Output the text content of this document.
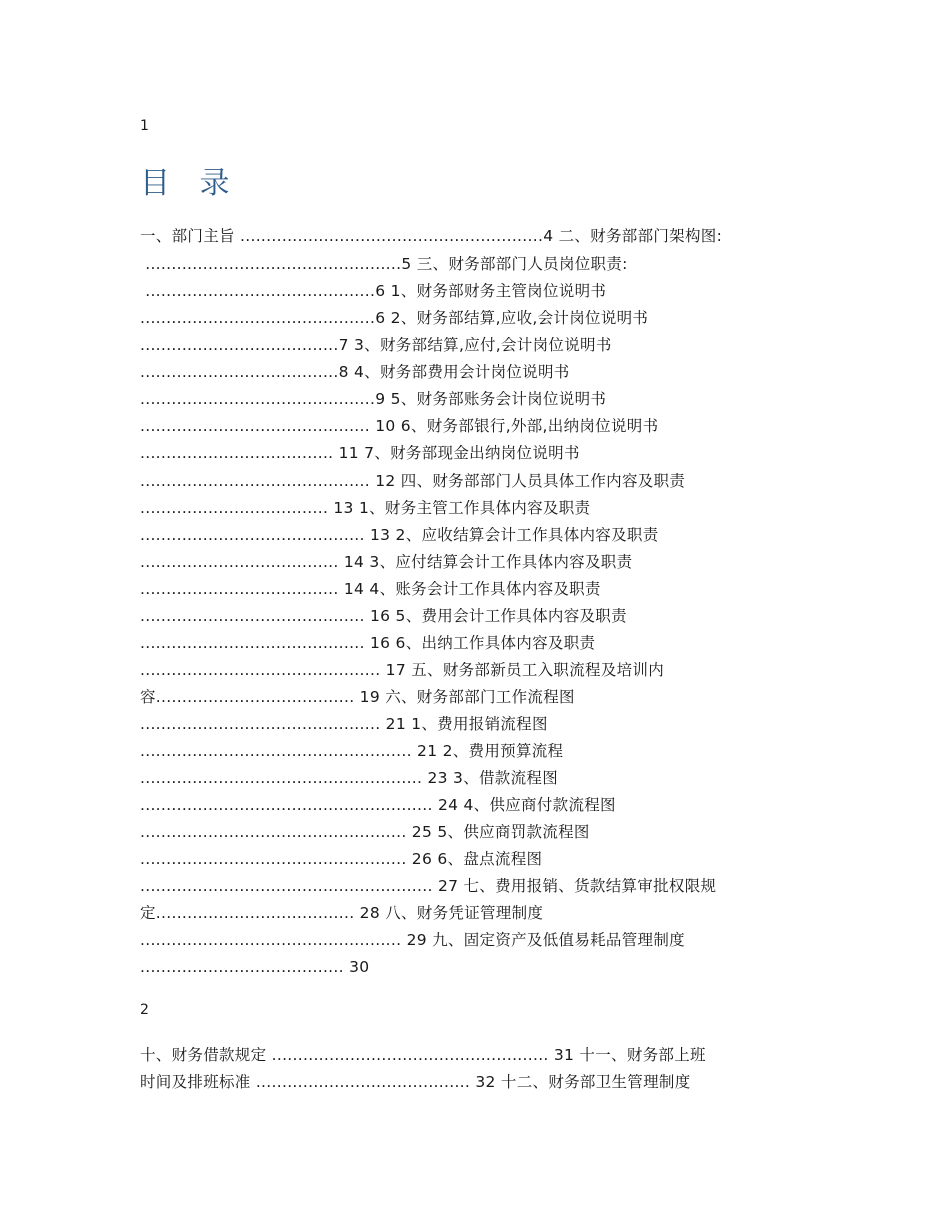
1
目 录
一、部门主旨 ..........................................................4 二、财务部部门架构图:
.................................................5 三、财务部部门人员岗位职责:
............................................6 1、财务部财务主管岗位说明书
.............................................6 2、财务部结算,应收,会计岗位说明书
......................................7 3、财务部结算,应付,会计岗位说明书
......................................8 4、财务部费用会计岗位说明书
.............................................9 5、财务部账务会计岗位说明书
............................................ 10 6、财务部银行,外部,出纳岗位说明书
..................................... 11 7、财务部现金出纳岗位说明书
............................................ 12 四、财务部部门人员具体工作内容及职责
.................................... 13 1、财务主管工作具体内容及职责
........................................... 13 2、应收结算会计工作具体内容及职责
...................................... 14 3、应付结算会计工作具体内容及职责
...................................... 14 4、账务会计工作具体内容及职责
........................................... 16 5、费用会计工作具体内容及职责
........................................... 16 6、出纳工作具体内容及职责
.............................................. 17 五、财务部新员工入职流程及培训内
容...................................... 19 六、财务部部门工作流程图
.............................................. 21 1、费用报销流程图
.................................................... 21 2、费用预算流程
...................................................... 23 3、借款流程图
........................................................ 24 4、供应商付款流程图
................................................... 25 5、供应商罚款流程图
................................................... 26 6、盘点流程图
........................................................ 27 七、费用报销、货款结算审批权限规
定...................................... 28 八、财务凭证管理制度
.................................................. 29 九、固定资产及低值易耗品管理制度
....................................... 30
2
十、财务借款规定 ..................................................... 31 十一、财务部上班
时间及排班标准 ......................................... 32 十二、财务部卫生管理制度
